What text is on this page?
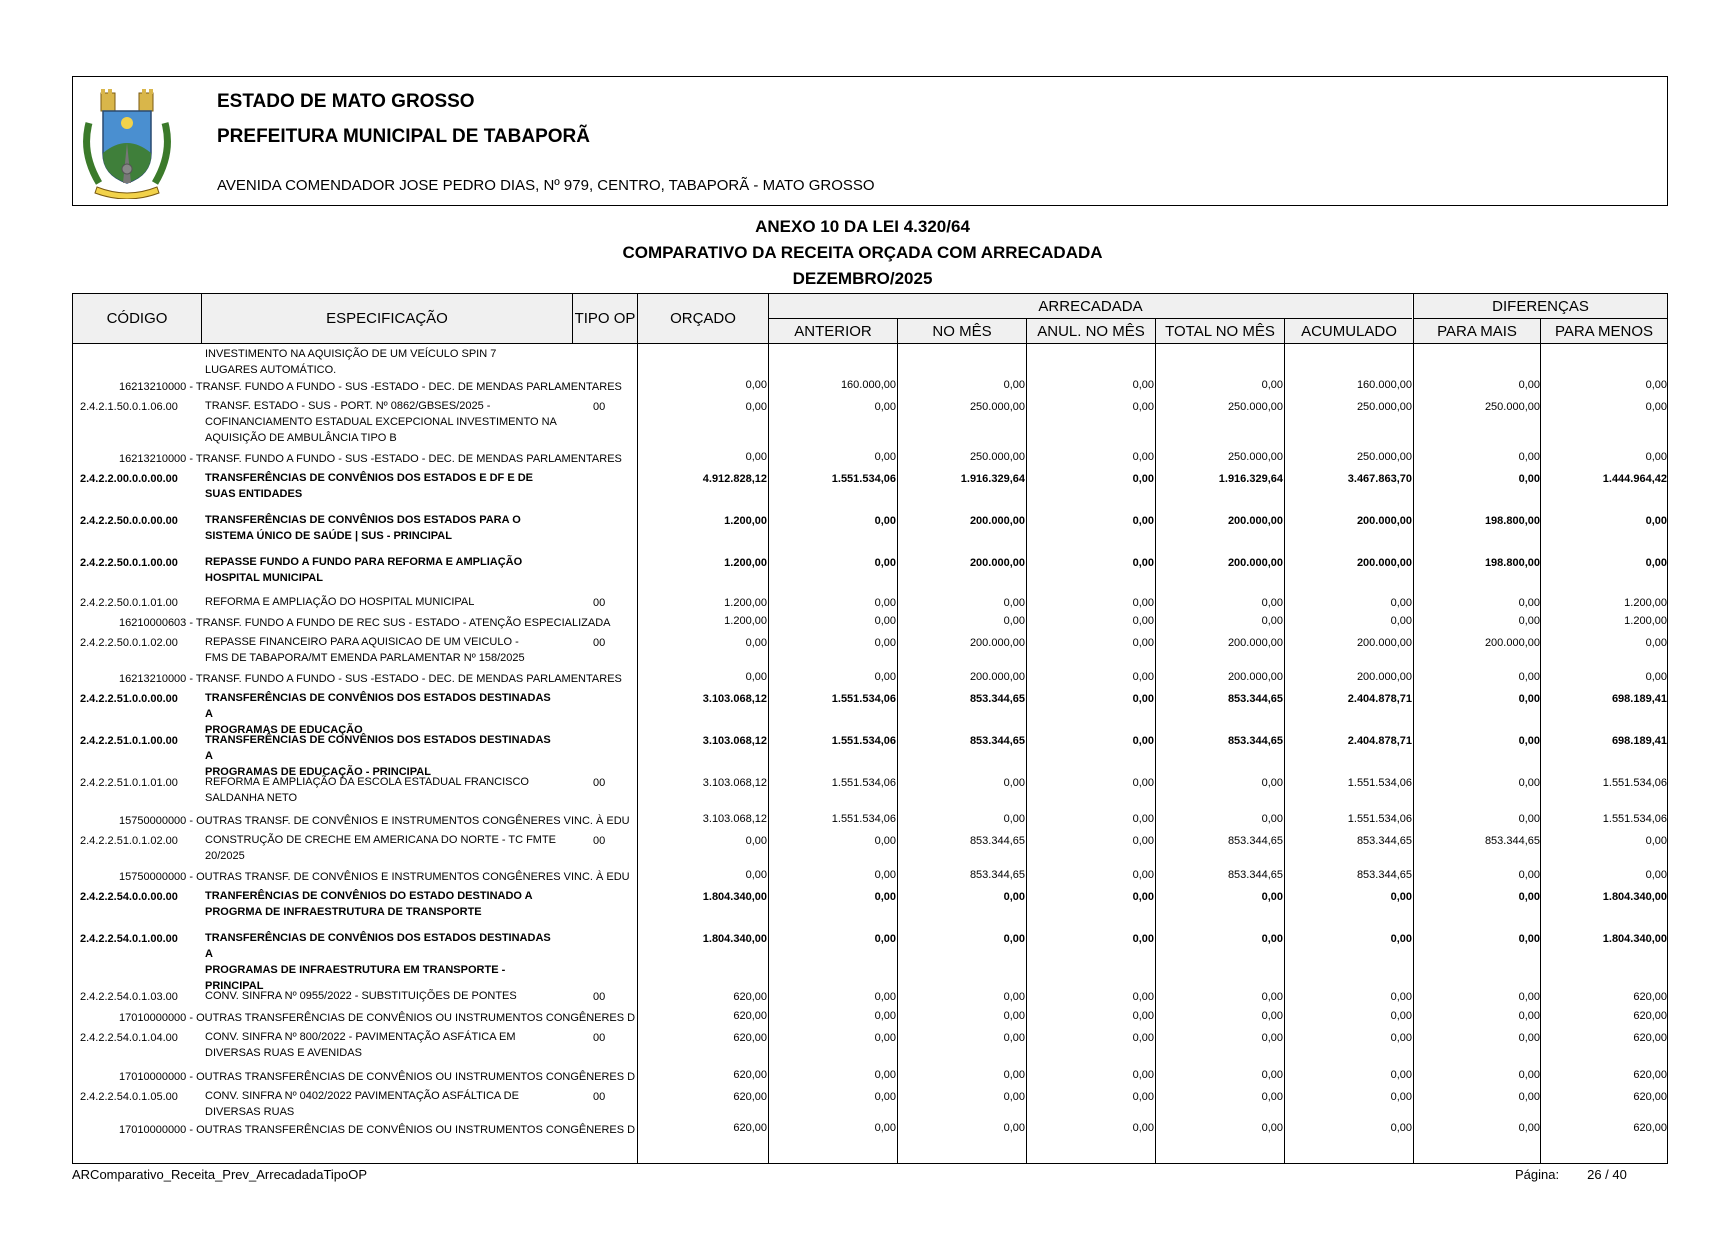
ESTADO DE MATO GROSSO
PREFEITURA MUNICIPAL DE TABAPORÃ
AVENIDA COMENDADOR JOSE PEDRO DIAS, Nº 979, CENTRO, TABAPORÃ - MATO GROSSO
ANEXO 10 DA LEI 4.320/64
COMPARATIVO DA RECEITA ORÇADA COM ARRECADADA
DEZEMBRO/2025
CÓDIGO	ESPECIFICAÇÃO	TIPO OP	ORÇADO
ARRECADADA
ANTERIOR	NO MÊS	ANUL. NO MÊS	TOTAL NO MÊS	ACUMULADO
DIFERENÇAS
PARA MAIS	PARA MENOS
INVESTIMENTO NA AQUISIÇÃO DE UM VEÍCULO SPIN 7
LUGARES AUTOMÁTICO.
16213210000 - TRANSF. FUNDO A FUNDO - SUS -ESTADO - DEC. DE MENDAS PARLAMENTARES	0,00	160.000,00	0,00	0,00	0,00	160.000,00	0,00	0,00
2.4.2.1.50.0.1.06.00 TRANSF. ESTADO - SUS - PORT. Nº 0862/GBSES/2025 -
COFINANCIAMENTO ESTADUAL EXCEPCIONAL INVESTIMENTO NA
AQUISIÇÃO DE AMBULÂNCIA TIPO B
00	0,00	0,00	250.000,00	0,00	250.000,00	250.000,00	250.000,00	0,00
16213210000 - TRANSF. FUNDO A FUNDO - SUS -ESTADO - DEC. DE MENDAS PARLAMENTARES	0,00	0,00	250.000,00	0,00	250.000,00	250.000,00	0,00	0,00
2.4.2.2.00.0.0.00.00 TRANSFERÊNCIAS DE CONVÊNIOS DOS ESTADOS E DF E DE
SUAS ENTIDADES
4.912.828,12	1.551.534,06	1.916.329,64	0,00	1.916.329,64	3.467.863,70	0,00	1.444.964,42
2.4.2.2.50.0.0.00.00 TRANSFERÊNCIAS DE CONVÊNIOS DOS ESTADOS PARA O
SISTEMA ÚNICO DE SAÚDE | SUS - PRINCIPAL
1.200,00	0,00	200.000,00	0,00	200.000,00	200.000,00	198.800,00	0,00
2.4.2.2.50.0.1.00.00 REPASSE FUNDO A FUNDO PARA REFORMA E AMPLIAÇÃO
HOSPITAL MUNICIPAL
1.200,00	0,00	200.000,00	0,00	200.000,00	200.000,00	198.800,00	0,00
2.4.2.2.50.0.1.01.00 REFORMA E AMPLIAÇÃO DO HOSPITAL MUNICIPAL	00	1.200,00	0,00	0,00	0,00	0,00	0,00	0,00	1.200,00
16210000603 - TRANSF. FUNDO A FUNDO DE REC SUS - ESTADO - ATENÇÃO ESPECIALIZADA	1.200,00	0,00	0,00	0,00	0,00	0,00	0,00	1.200,00
2.4.2.2.50.0.1.02.00 REPASSE FINANCEIRO PARA AQUISICAO DE UM VEICULO -
FMS DE TABAPORA/MT EMENDA PARLAMENTAR Nº 158/2025
00	0,00	0,00	200.000,00	0,00	200.000,00	200.000,00	200.000,00	0,00
16213210000 - TRANSF. FUNDO A FUNDO - SUS -ESTADO - DEC. DE MENDAS PARLAMENTARES	0,00	0,00	200.000,00	0,00	200.000,00	200.000,00	0,00	0,00
2.4.2.2.51.0.0.00.00 TRANSFERÊNCIAS DE CONVÊNIOS DOS ESTADOS DESTINADAS A
PROGRAMAS DE EDUCAÇÃO
3.103.068,12	1.551.534,06	853.344,65	0,00	853.344,65	2.404.878,71	0,00	698.189,41
2.4.2.2.51.0.1.00.00 TRANSFERÊNCIAS DE CONVÊNIOS DOS ESTADOS DESTINADAS A
PROGRAMAS DE EDUCAÇÃO - PRINCIPAL
3.103.068,12	1.551.534,06	853.344,65	0,00	853.344,65	2.404.878,71	0,00	698.189,41
2.4.2.2.51.0.1.01.00 REFORMA E AMPLIAÇÃO DA ESCOLA ESTADUAL FRANCISCO
SALDANHA NETO
00	3.103.068,12	1.551.534,06	0,00	0,00	0,00	1.551.534,06	0,00	1.551.534,06
15750000000 - OUTRAS TRANSF. DE CONVÊNIOS E INSTRUMENTOS CONGÊNERES VINC. À EDU	3.103.068,12	1.551.534,06	0,00	0,00	0,00	1.551.534,06	0,00	1.551.534,06
2.4.2.2.51.0.1.02.00 CONSTRUÇÃO DE CRECHE EM AMERICANA DO NORTE - TC FMTE
20/2025
00	0,00	0,00	853.344,65	0,00	853.344,65	853.344,65	853.344,65	0,00
15750000000 - OUTRAS TRANSF. DE CONVÊNIOS E INSTRUMENTOS CONGÊNERES VINC. À EDU	0,00	0,00	853.344,65	0,00	853.344,65	853.344,65	0,00	0,00
2.4.2.2.54.0.0.00.00 TRANFERÊNCIAS DE CONVÊNIOS DO ESTADO DESTINADO A
PROGRMA DE INFRAESTRUTURA DE TRANSPORTE
1.804.340,00	0,00	0,00	0,00	0,00	0,00	0,00	1.804.340,00
2.4.2.2.54.0.1.00.00 TRANSFERÊNCIAS DE CONVÊNIOS DOS ESTADOS DESTINADAS A
PROGRAMAS DE INFRAESTRUTURA EM TRANSPORTE -
PRINCIPAL
1.804.340,00	0,00	0,00	0,00	0,00	0,00	0,00	1.804.340,00
2.4.2.2.54.0.1.03.00 CONV. SINFRA Nº 0955/2022 - SUBSTITUIÇÕES DE PONTES	00	620,00	0,00	0,00	0,00	0,00	0,00	0,00	620,00
17010000000 - OUTRAS TRANSFERÊNCIAS DE CONVÊNIOS OU INSTRUMENTOS CONGÊNERES D	620,00	0,00	0,00	0,00	0,00	0,00	0,00	620,00
2.4.2.2.54.0.1.04.00 CONV. SINFRA Nº 800/2022 - PAVIMENTAÇÃO ASFÁTICA EM
DIVERSAS RUAS E AVENIDAS
00	620,00	0,00	0,00	0,00	0,00	0,00	0,00	620,00
17010000000 - OUTRAS TRANSFERÊNCIAS DE CONVÊNIOS OU INSTRUMENTOS CONGÊNERES D	620,00	0,00	0,00	0,00	0,00	0,00	0,00	620,00
2.4.2.2.54.0.1.05.00 CONV. SINFRA Nº 0402/2022 PAVIMENTAÇÃO ASFÁLTICA DE
DIVERSAS RUAS
00	620,00	0,00	0,00	0,00	0,00	0,00	0,00	620,00
17010000000 - OUTRAS TRANSFERÊNCIAS DE CONVÊNIOS OU INSTRUMENTOS CONGÊNERES D	620,00	0,00	0,00	0,00	0,00	0,00	0,00	620,00
ARComparativo_Receita_Prev_ArrecadadaTipoOP	Página: 26 / 40
